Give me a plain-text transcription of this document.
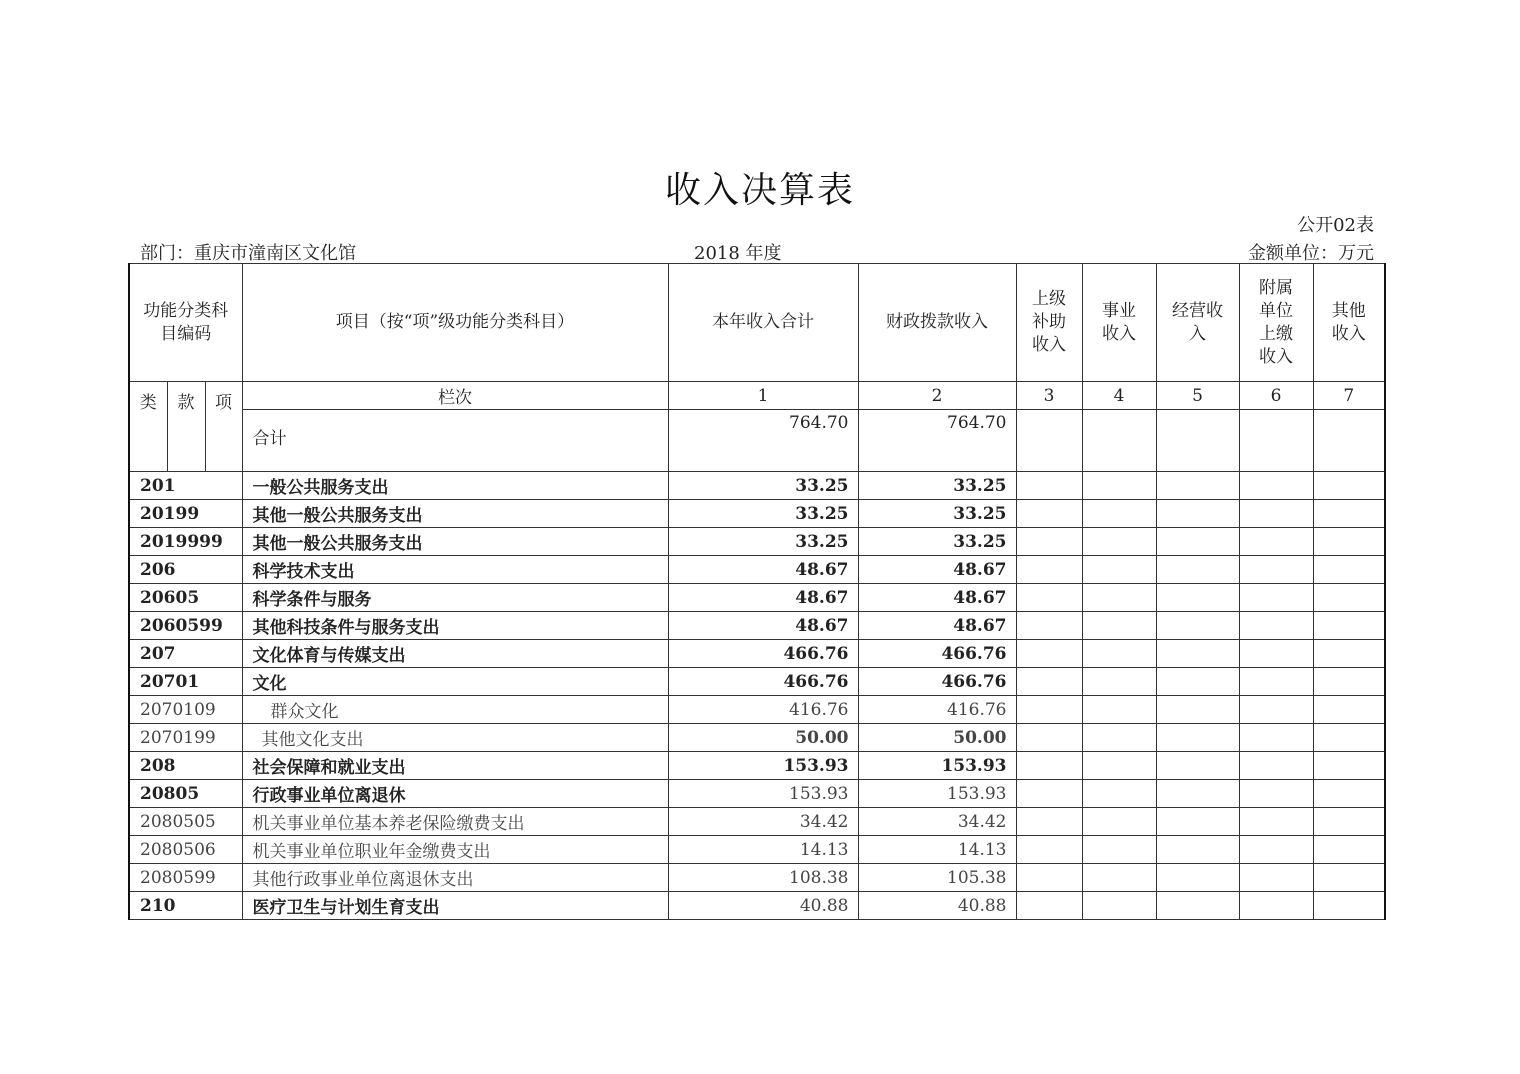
收入决算表
公开02表
部门：重庆市潼南区文化馆	2018 年度	金额单位：万元
功能分类科目编码			项目（按“项”级功能分类科目）	本年收入合计	财政拨款收入	上级补助收入	事业收入	经营收入	附属单位上缴收入	其他收入

类	款	项	栏次	1	2	3	4	5	6	7
			合计	764.70	764.70					
201			一般公共服务支出	33.25	33.25					
20199			其他一般公共服务支出	33.25	33.25					
2019999			其他一般公共服务支出	33.25	33.25					
206			科学技术支出	48.67	48.67					
20605			科学条件与服务	48.67	48.67					
2060599			其他科技条件与服务支出	48.67	48.67					
207			文化体育与传媒支出	466.76	466.76					
20701			文化	466.76	466.76					
2070109			群众文化	416.76	416.76					
2070199			其他文化支出	50.00	50.00					
208			社会保障和就业支出	153.93	153.93					
20805			行政事业单位离退休	153.93	153.93					
2080505			机关事业单位基本养老保险缴费支出	34.42	34.42					
2080506			机关事业单位职业年金缴费支出	14.13	14.13					
2080599			其他行政事业单位离退休支出	108.38	105.38					
210			医疗卫生与计划生育支出	40.88	40.88					
